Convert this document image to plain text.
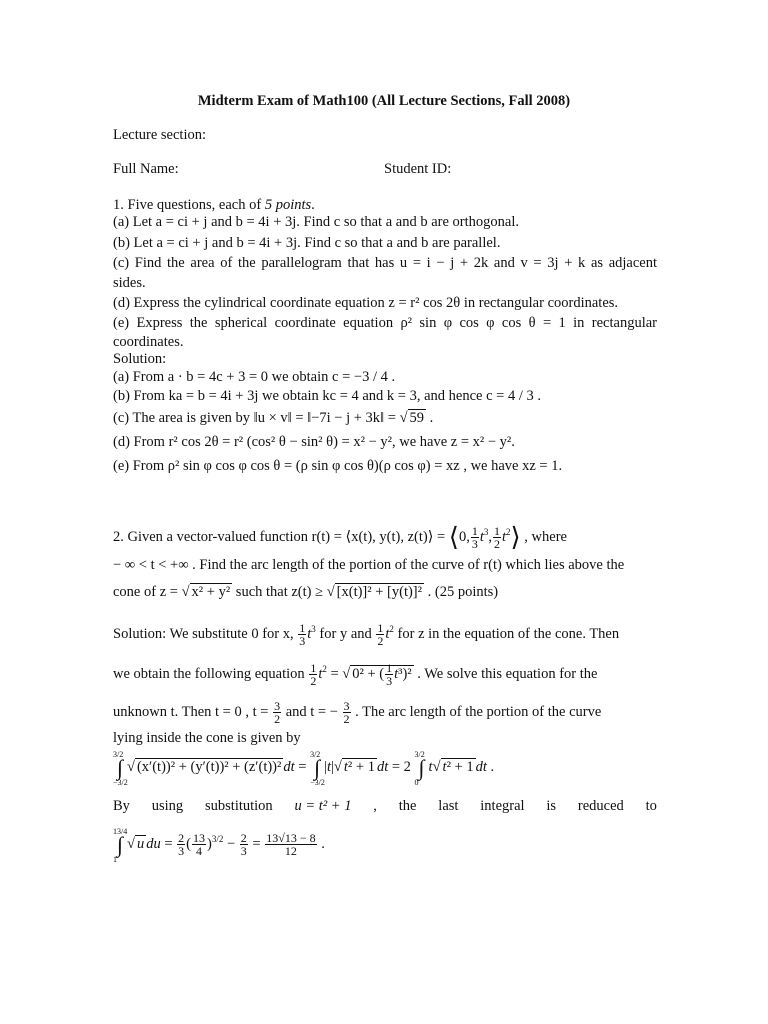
Midterm Exam of Math100 (All Lecture Sections, Fall 2008)
Lecture section:
Full Name:	Student ID:
1. Five questions, each of 5 points.
(a) Let a = ci + j and b = 4i + 3j. Find c so that a and b are orthogonal.
(b) Let a = ci + j and b = 4i + 3j. Find c so that a and b are parallel.
(c) Find the area of the parallelogram that has u = i − j + 2k and v = 3j + k as adjacent
sides.
(d) Express the cylindrical coordinate equation z = r² cos 2θ in rectangular coordinates.
(e) Express the spherical coordinate equation ρ² sin φ cos φ cos θ = 1 in rectangular
coordinates.
Solution:
(a) From a · b = 4c + 3 = 0 we obtain c = −3 / 4 .
(b) From ka = b = 4i + 3j we obtain kc = 4 and k = 3, and hence c = 4 / 3 .
(c) The area is given by ‖u × v‖ = ‖−7i − j + 3k‖ = √ 59 .
(d) From r² cos 2θ = r² (cos² θ − sin² θ) = x² − y², we have z = x² − y².
(e) From ρ² sin φ cos φ cos θ = (ρ sin φ cos θ)(ρ cos φ) = xz , we have xz = 1.
2. Given a vector-valued function r(t) = ⟨x(t), y(t), z(t)⟩ = ⟨0, $\frac{1}{3} t^3$, $\frac{1}{2}$ $t^2⟩$ , where
− ∞ < t < +∞ . Find the arc length of the portion of the curve of r(t) which lies above the
cone of z = √ x² + y² such that z(t) ≥ √ [x(t)]² + [y(t)]² . (25 points)
Solution: We substitute 0 for x, $\frac{1}{3} t^3$ for y and $\frac{1}{2} t^2$ for z in the equation of the cone. Then
we obtain the following equation $\frac{1}{2} t^2$ = √ 0² + ( $\frac{1}{3} t^3)^2$ . We solve this equation for the
unknown t. Then t = 0 , $t = \frac{3}{2}$ and t = − $\frac{3}{2}$ . The arc length of the portion of the curve
lying inside the cone is given by
∫
3/2
−3/2
√ (x′(t))² + (y′(t))² + (z′(t))² dt = ∫
3/2
−3/2
|t|√ t² + 1 dt = 2 ∫
3/2
0
t√ t² + 1 dt .
By using substitution u = t² + 1 , the last integral is reduced to
∫
13/4
1
√ u du = $\frac{2}{3}$ ( $\frac{13}{4} )^{3/2} - \frac{2}{3} = \frac{13√13 - 8}{12}$ .
